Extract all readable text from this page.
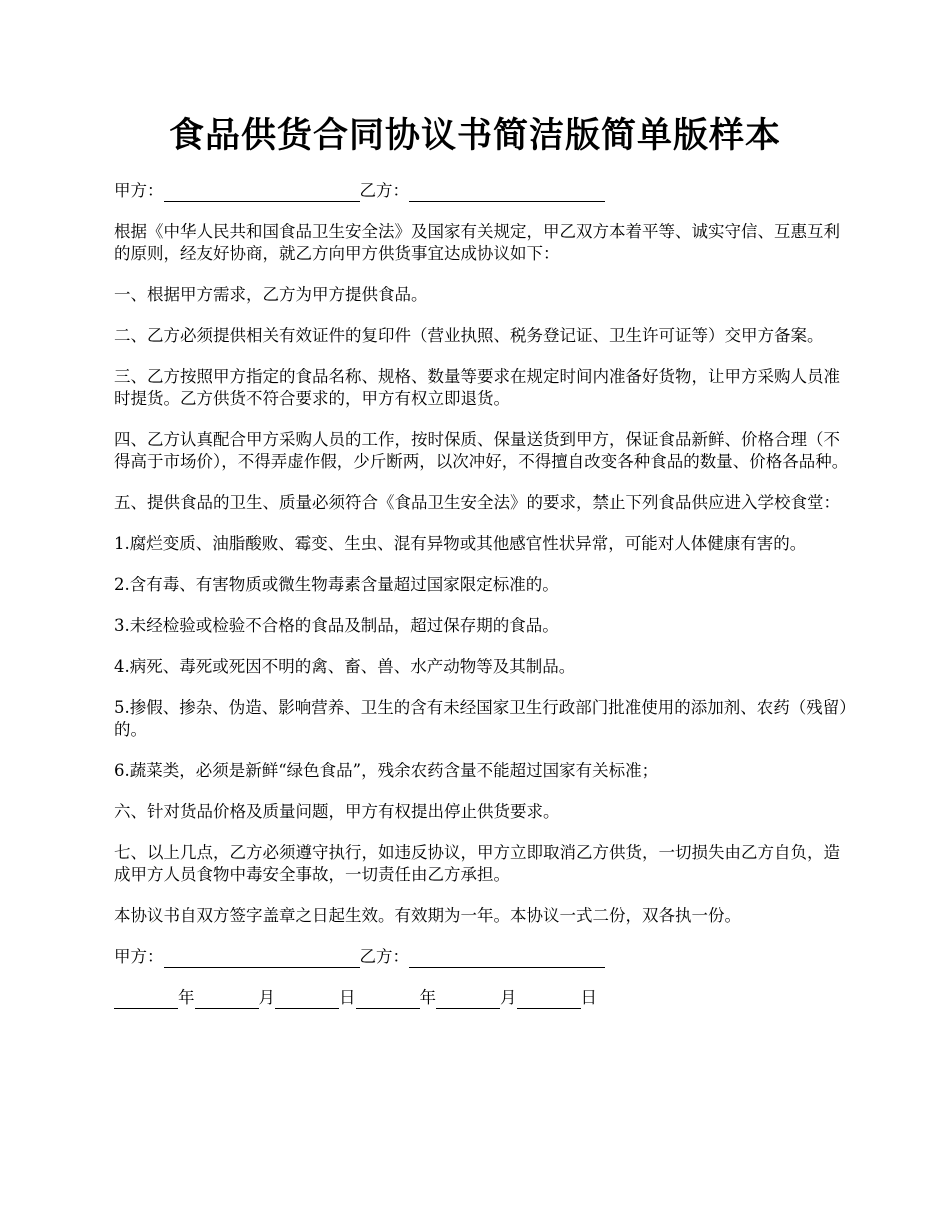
食品供货合同协议书简洁版简单版样本
甲方：	乙方：

根据《中华人民共和国食品卫生安全法》及国家有关规定，甲乙双方本着平等、诚实守信、互惠互利的原则，经友好协商，就乙方向甲方供货事宜达成协议如下：

一、根据甲方需求，乙方为甲方提供食品。

二、乙方必须提供相关有效证件的复印件（营业执照、税务登记证、卫生许可证等）交甲方备案。

三、乙方按照甲方指定的食品名称、规格、数量等要求在规定时间内准备好货物，让甲方采购人员准时提货。乙方供货不符合要求的，甲方有权立即退货。

四、乙方认真配合甲方采购人员的工作，按时保质、保量送货到甲方，保证食品新鲜、价格合理（不得高于市场价），不得弄虚作假，少斤断两，以次冲好，不得擅自改变各种食品的数量、价格各品种。

五、提供食品的卫生、质量必须符合《食品卫生安全法》的要求，禁止下列食品供应进入学校食堂：

1.腐烂变质、油脂酸败、霉变、生虫、混有异物或其他感官性状异常，可能对人体健康有害的。

2.含有毒、有害物质或微生物毒素含量超过国家限定标准的。

3.未经检验或检验不合格的食品及制品，超过保存期的食品。

4.病死、毒死或死因不明的禽、畜、兽、水产动物等及其制品。

5.掺假、掺杂、伪造、影响营养、卫生的含有未经国家卫生行政部门批准使用的添加剂、农药（残留）的。

6.蔬菜类，必须是新鲜“绿色食品”，残余农药含量不能超过国家有关标准；

六、针对货品价格及质量问题，甲方有权提出停止供货要求。

七、以上几点，乙方必须遵守执行，如违反协议，甲方立即取消乙方供货，一切损失由乙方自负，造成甲方人员食物中毒安全事故，一切责任由乙方承担。

本协议书自双方签字盖章之日起生效。有效期为一年。本协议一式二份，双各执一份。

甲方：	乙方：
年	月	日	年	月	日
